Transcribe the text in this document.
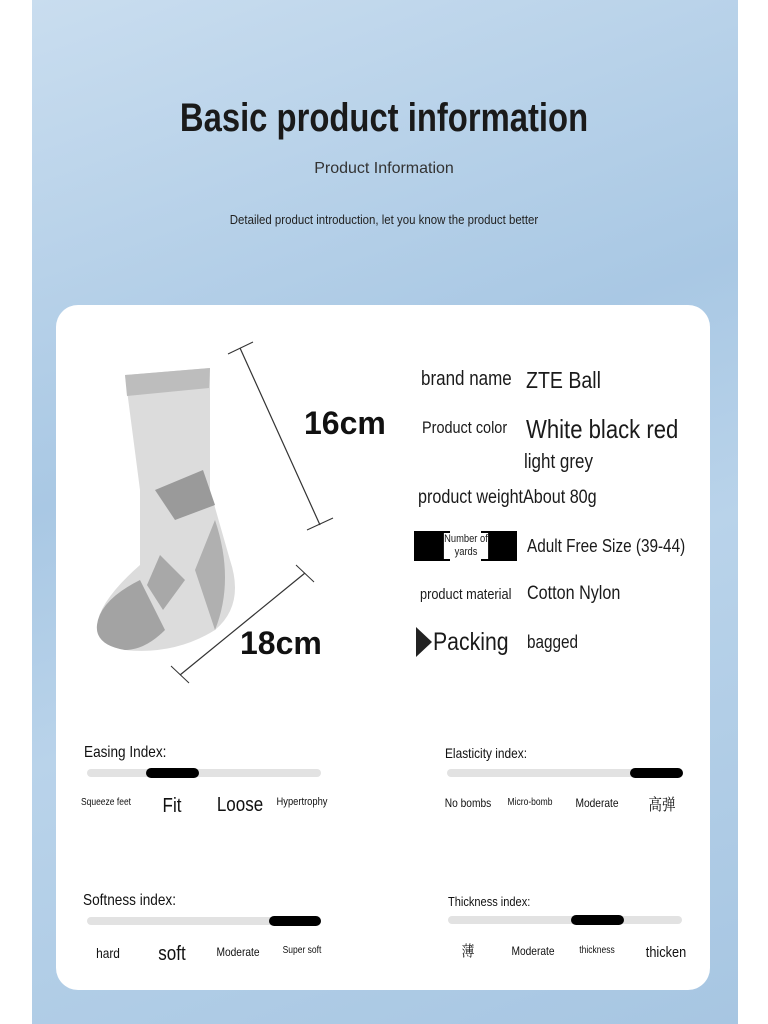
Basic product information
Product Information
Detailed product introduction, let you know the product better
16cm
18cm
brand name ZTE Ball
Product color White black red
light grey
product weight About 80g
Number of yards	Adult Free Size (39-44)
product material Cotton Nylon
Packing bagged
Easing Index:
Squeeze feet Fit Loose Hypertrophy
Elasticity index:
No bombs Micro-bomb Moderate 高弹
Softness index:
hard soft	Moderate Super soft
Thickness index:
薄	Moderate thickness thicken
